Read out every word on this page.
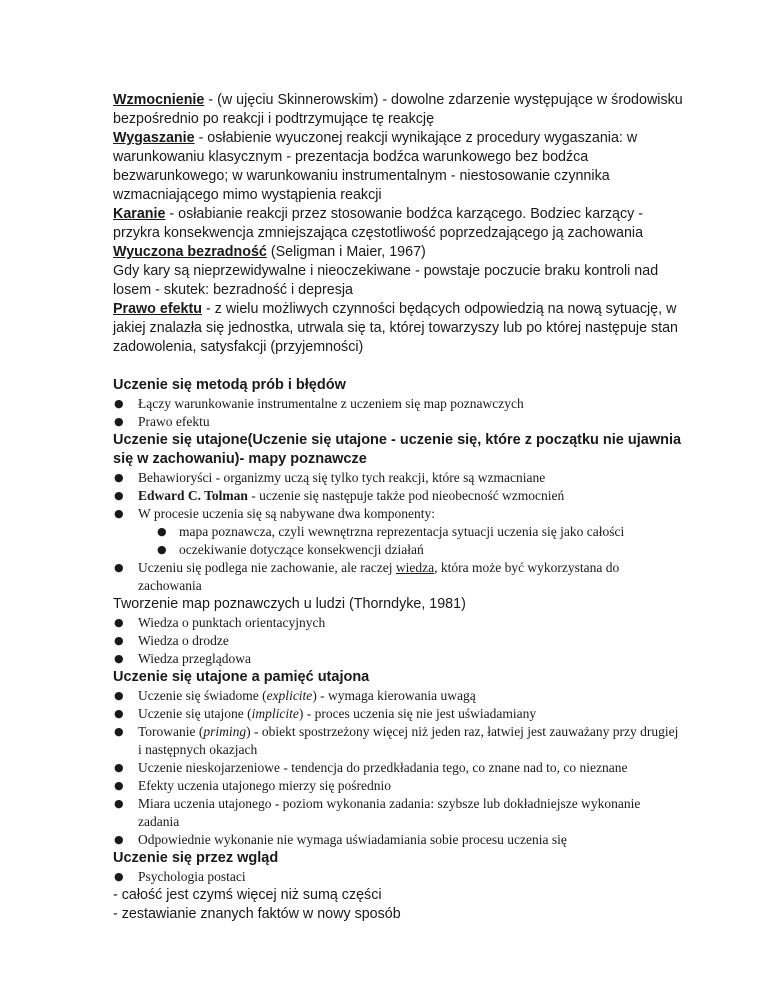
Wzmocnienie - (w ujęciu Skinnerowskim) - dowolne zdarzenie występujące w środowisku bezpośrednio po reakcji i podtrzymujące tę reakcję
Wygaszanie - osłabienie wyuczonej reakcji wynikające z procedury wygaszania: w warunkowaniu klasycznym - prezentacja bodźca warunkowego bez bodźca bezwarunkowego; w warunkowaniu instrumentalnym - niestosowanie czynnika wzmacniającego mimo wystąpienia reakcji
Karanie - osłabianie reakcji przez stosowanie bodźca karzącego. Bodziec karzący - przykra konsekwencja zmniejszająca częstotliwość poprzedzającego ją zachowania
Wyuczona bezradność (Seligman i Maier, 1967)
Gdy kary są nieprzewidywalne i nieoczekiwane - powstaje poczucie braku kontroli nad losem - skutek: bezradność i depresja
Prawo efektu - z wielu możliwych czynności będących odpowiedzią na nową sytuację, w jakiej znalazła się jednostka, utrwala się ta, której towarzyszy lub po której następuje stan zadowolenia, satysfakcji (przyjemności)
Uczenie się metodą prób i błędów
● Łączy warunkowanie instrumentalne z uczeniem się map poznawczych
● Prawo efektu
Uczenie się utajone(Uczenie się utajone - uczenie się, które z początku nie ujawnia się w zachowaniu)- mapy poznawcze
● Behawioryści - organizmy uczą się tylko tych reakcji, które są wzmacniane
● Edward C. Tolman - uczenie się następuje także pod nieobecność wzmocnień
● W procesie uczenia się są nabywane dwa komponenty:
● mapa poznawcza, czyli wewnętrzna reprezentacja sytuacji uczenia się jako całości
● oczekiwanie dotyczące konsekwencji działań
● Uczeniu się podlega nie zachowanie, ale raczej wiedza, która może być wykorzystana do zachowania
Tworzenie map poznawczych u ludzi (Thorndyke, 1981)
● Wiedza o punktach orientacyjnych
● Wiedza o drodze
● Wiedza przeglądowa
Uczenie się utajone a pamięć utajona
● Uczenie się świadome (explicite) - wymaga kierowania uwagą
● Uczenie się utajone (implicite) - proces uczenia się nie jest uświadamiany
● Torowanie (priming) - obiekt spostrzeżony więcej niż jeden raz, łatwiej jest zauważany przy drugiej i następnych okazjach
● Uczenie nieskojarzeniowe - tendencja do przedkładania tego, co znane nad to, co nieznane
● Efekty uczenia utajonego mierzy się pośrednio
● Miara uczenia utajonego - poziom wykonania zadania: szybsze lub dokładniejsze wykonanie zadania
● Odpowiednie wykonanie nie wymaga uświadamiania sobie procesu uczenia się
Uczenie się przez wgląd
● Psychologia postaci
- całość jest czymś więcej niż sumą części
- zestawianie znanych faktów w nowy sposób
